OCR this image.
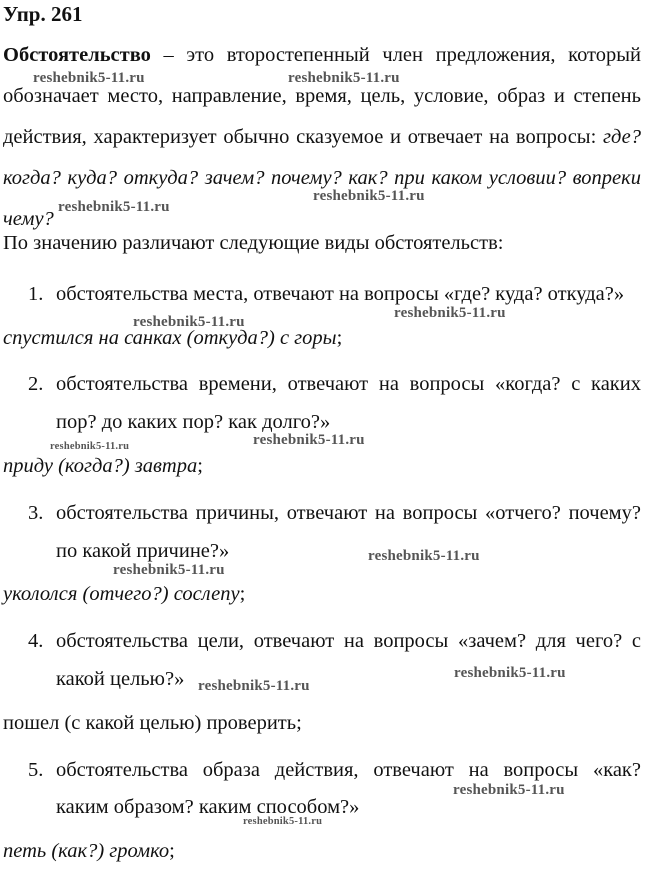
Упр. 261

Обстоятельство – это второстепенный член предложения, который обозначает место, направление, время, цель, условие, образ и степень действия, характеризует обычно сказуемое и отвечает на вопросы: где? когда? куда? откуда? зачем? почему? как? при каком условии? вопреки чему?

По значению различают следующие виды обстоятельств:

1. обстоятельства места, отвечают на вопросы «где? куда? откуда?»

спустился на санках (откуда?) с горы;

2. обстоятельства времени, отвечают на вопросы «когда? с каких

пор? до каких пор? как долго?»

приду (когда?) завтра;

3. обстоятельства причины, отвечают на вопросы «отчего? почему?

по какой причине?»

укололся (отчего?) сослепу;

4. обстоятельства цели, отвечают на вопросы «зачем? для чего? с

какой целью?»

пошел (с какой целью) проверить;

5. обстоятельства образа действия, отвечают на вопросы «как?

каким образом? каким способом?»

петь (как?) громко;

reshebnik5-11.ru	reshebnik5-11.ru
reshebnik5-11.ru
reshebnik5-11.ru
reshebnik5-11.ru
reshebnik5-11.ru
reshebnik5-11.ru
reshebnik5-11.ru
reshebnik5-11.ru
reshebnik5-11.ru
reshebnik5-11.ru
reshebnik5-11.ru
reshebnik5-11.ru
reshebnik5-11.ru
